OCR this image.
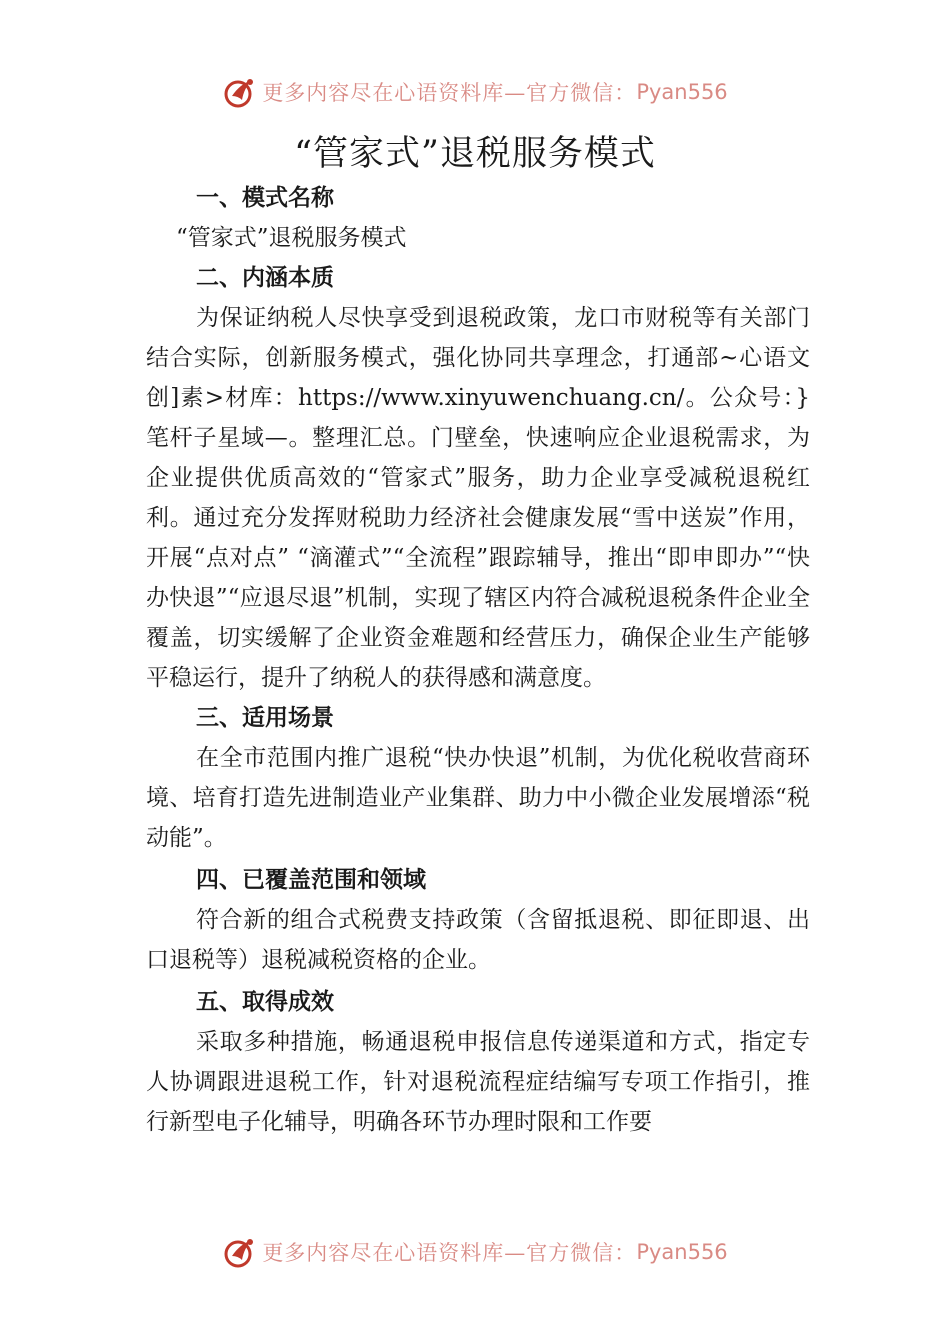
更多内容尽在心语资料库—官方微信： Pyan556
“管家式”退税服务模式
一、模式名称
“管家式”退税服务模式
二、内涵本质

为保证纳税人尽快享受到退税政策，龙口市财税等有关部门结合实际，创新服务模式，强化协同共享理念，打通部~心语文创]素>材库：https://www.xinyuwenchuang.cn/。公众号：}笔杆子星域—。整理汇总。门壁垒，快速响应企业退税需求，为企业提供优质高效的“管家式”服务，助力企业享受减税退税红利。通过充分发挥财税助力经济社会健康发展“雪中送炭”作用，开展“点对点” “滴灌式”“全流程”跟踪辅导，推出“即申即办”“快办快退”“应退尽退”机制，实现了辖区内符合减税退税条件企业全覆盖，切实缓解了企业资金难题和经营压力，确保企业生产能够平稳运行，提升了纳税人的获得感和满意度。

三、适用场景

在全市范围内推广退税“快办快退”机制，为优化税收营商环境、培育打造先进制造业产业集群、助力中小微企业发展增添“税动能”。

四、已覆盖范围和领域

符合新的组合式税费支持政策（含留抵退税、即征即退、出口退税等）退税减税资格的企业。

五、取得成效

采取多种措施，畅通退税申报信息传递渠道和方式，指定专人协调跟进退税工作，针对退税流程症结编写专项工作指引，推行新型电子化辅导，明确各环节办理时限和工作要

更多内容尽在心语资料库—官方微信： Pyan556
